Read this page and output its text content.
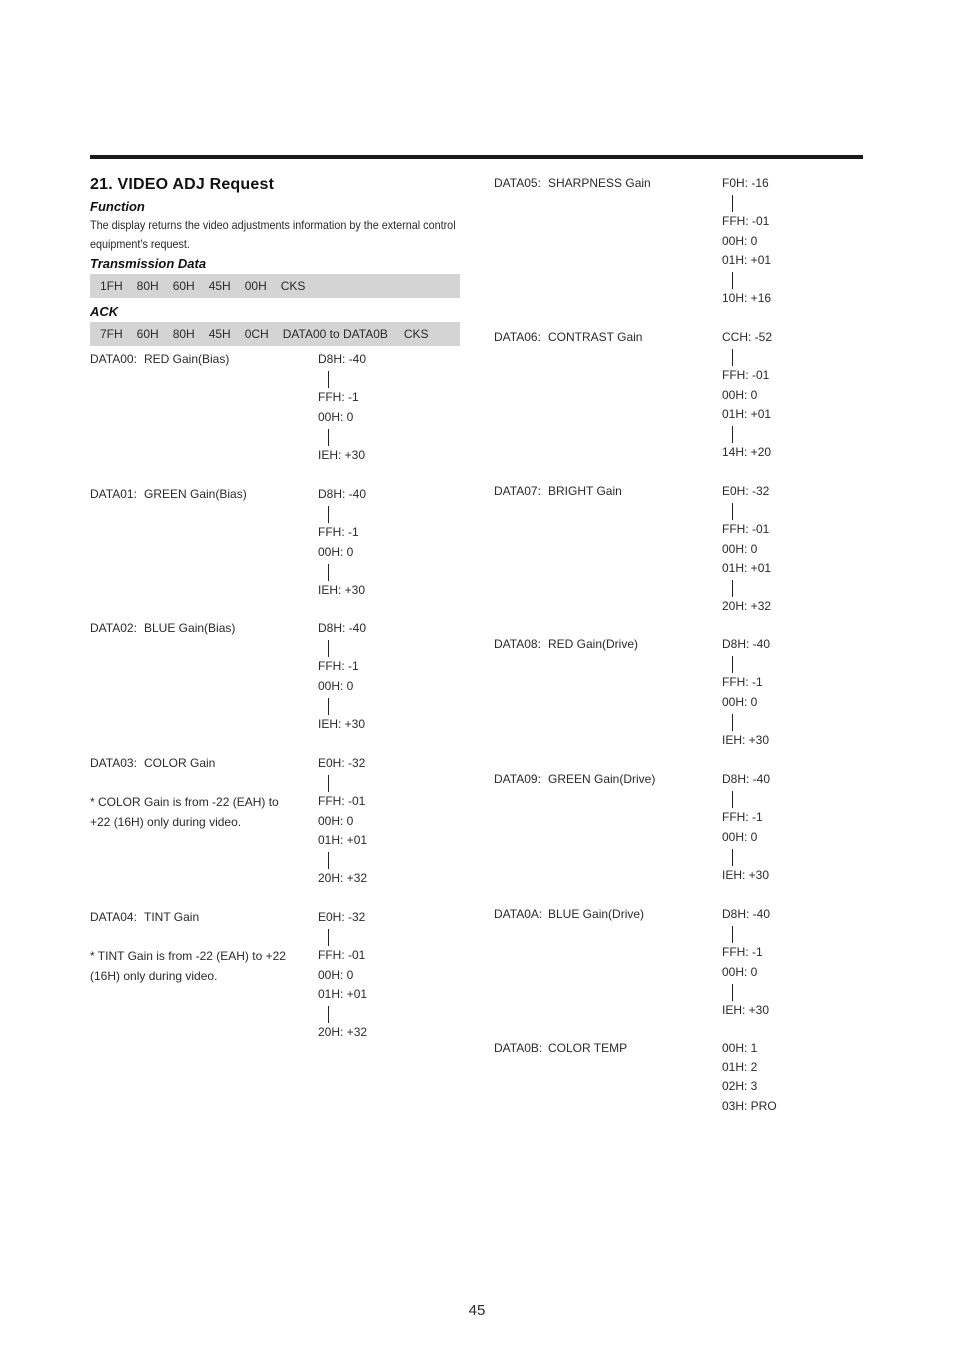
21. VIDEO ADJ Request
Function

The display returns the video adjustments information by the external control equipment's request.

Transmission Data
1FH	80H	60H	45H	00H	CKS
ACK
7FH	60H	80H	45H	0CH	DATA00 to DATA0B	CKS
DATA00: RED Gain(Bias)	D8H: -40
FFH: -1
00H: 0
IEH: +30
DATA01: GREEN Gain(Bias)	D8H: -40
FFH: -1
00H: 0
IEH: +30
DATA02: BLUE Gain(Bias)	D8H: -40
FFH: -1
00H: 0
IEH: +30
DATA03: COLOR Gain
* COLOR Gain is from -22 (EAH) to +22 (16H) only during video.
E0H: -32
FFH: -01
00H: 0
01H: +01
20H: +32
DATA04: TINT Gain
* TINT Gain is from -22 (EAH) to +22 (16H) only during video.
E0H: -32
FFH: -01
00H: 0
01H: +01
20H: +32
DATA05: SHARPNESS Gain	F0H: -16
FFH: -01
00H: 0
01H: +01
10H: +16
DATA06: CONTRAST Gain	CCH: -52
FFH: -01
00H: 0
01H: +01
14H: +20
DATA07: BRIGHT Gain	E0H: -32
FFH: -01
00H: 0
01H: +01
20H: +32
DATA08: RED Gain(Drive)	D8H: -40
FFH: -1
00H: 0
IEH: +30
DATA09: GREEN Gain(Drive)	D8H: -40
FFH: -1
00H: 0
IEH: +30
DATA0A: BLUE Gain(Drive)	D8H: -40
FFH: -1
00H: 0
IEH: +30
DATA0B: COLOR TEMP	00H: 1
01H: 2
02H: 3
03H: PRO
45
